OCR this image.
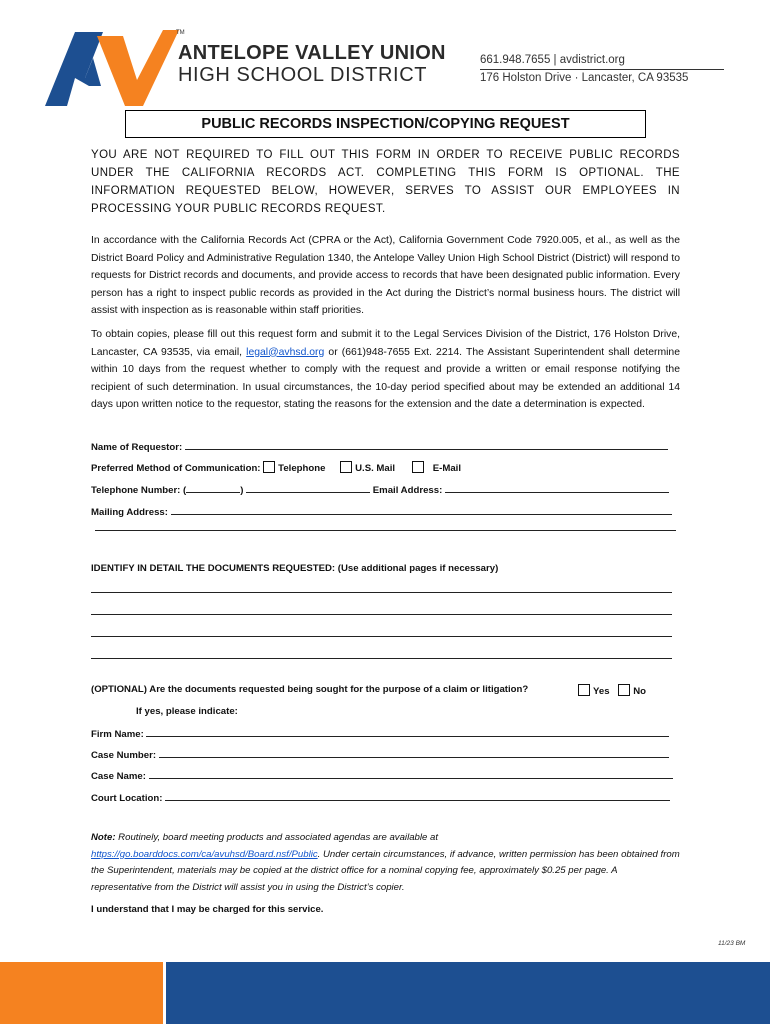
TM
ANTELOPE VALLEY UNION
HIGH SCHOOL DISTRICT
661.948.7655 | avdistrict.org
176 Holston Drive · Lancaster, CA 93535
PUBLIC RECORDS INSPECTION/COPYING REQUEST
YOU ARE NOT REQUIRED TO FILL OUT THIS FORM IN ORDER TO RECEIVE PUBLIC RECORDS UNDER THE CALIFORNIA RECORDS ACT. COMPLETING THIS FORM IS OPTIONAL. THE INFORMATION REQUESTED BELOW, HOWEVER, SERVES TO ASSIST OUR EMPLOYEES IN PROCESSING YOUR PUBLIC RECORDS REQUEST.
In accordance with the California Records Act (CPRA or the Act), California Government Code 7920.005, et al., as well as the District Board Policy and Administrative Regulation 1340, the Antelope Valley Union High School District (District) will respond to requests for District records and documents, and provide access to records that have been designated public information. Every person has a right to inspect public records as provided in the Act during the District’s normal business hours. The district will assist with inspection as is reasonable within staff priorities.
To obtain copies, please fill out this request form and submit it to the Legal Services Division of the District, 176 Holston Drive, Lancaster, CA 93535, via email, legal@avhsd.org or (661)948-7655 Ext. 2214. The Assistant Superintendent shall determine within 10 days from the request whether to comply with the request and provide a written or email response notifying the recipient of such determination. In usual circumstances, the 10-day period specified about may be extended an additional 14 days upon written notice to the requestor, stating the reasons for the extension and the date a determination is expected.
Name of Requestor:
Preferred Method of Communication: Telephone	U.S. Mail	E-Mail
Telephone Number: (	)	Email Address:
Mailing Address:
IDENTIFY IN DETAIL THE DOCUMENTS REQUESTED: (Use additional pages if necessary)
(OPTIONAL) Are the documents requested being sought for the purpose of a claim or litigation?	Yes No
If yes, please indicate:
Firm Name:
Case Number:
Case Name:
Court Location:
Note: Routinely, board meeting products and associated agendas are available at
https://go.boarddocs.com/ca/avuhsd/Board.nsf/Public. Under certain circumstances, if advance, written permission has been obtained from the Superintendent, materials may be copied at the district office for a nominal copying fee, approximately $0.25 per page. A representative from the District will assist you in using the District’s copier.
I understand that I may be charged for this service.
11/23 BM
